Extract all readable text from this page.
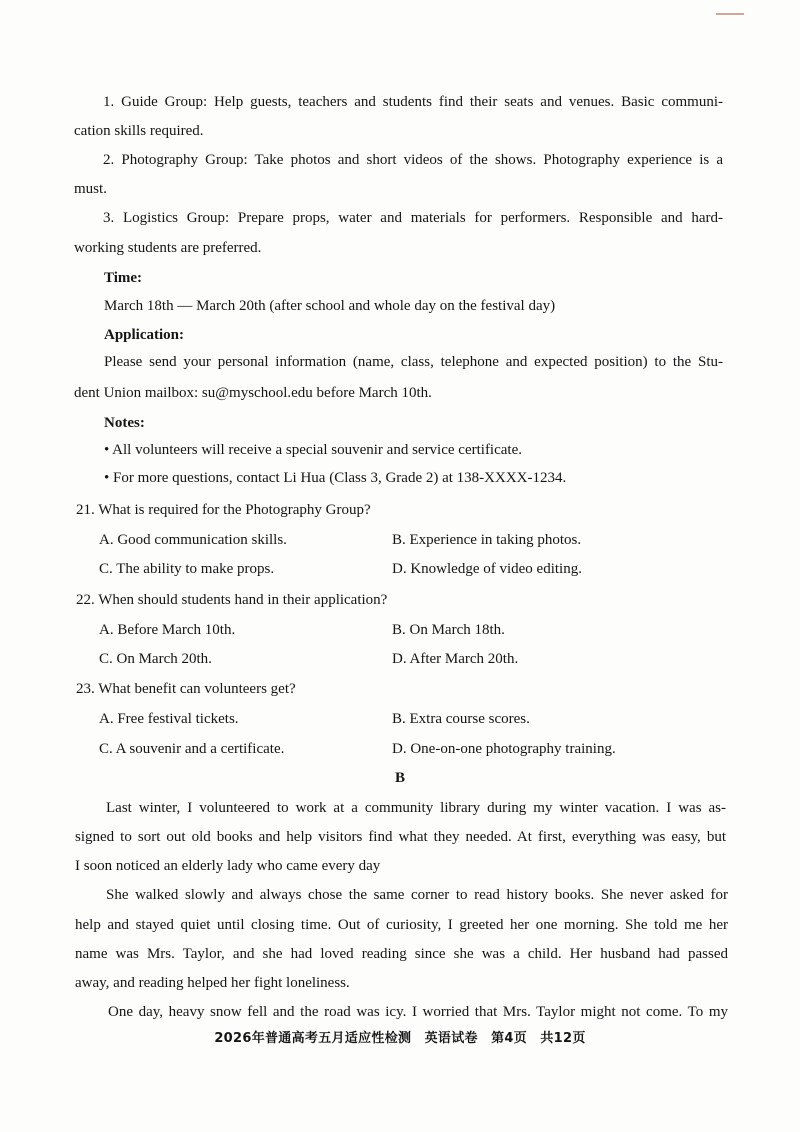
1. Guide Group: Help guests, teachers and students find their seats and venues. Basic communi-
cation skills required.
2. Photography Group: Take photos and short videos of the shows. Photography experience is a
must.
3. Logistics Group: Prepare props, water and materials for performers. Responsible and hard-
working students are preferred.
Time:
March 18th — March 20th (after school and whole day on the festival day)
Application:
Please send your personal information (name, class, telephone and expected position) to the Stu-
dent Union mailbox: su@myschool.edu before March 10th.
Notes:
• All volunteers will receive a special souvenir and service certificate.
• For more questions, contact Li Hua (Class 3, Grade 2) at 138-XXXX-1234.
21. What is required for the Photography Group?
A. Good communication skills.	B. Experience in taking photos.
C. The ability to make props.	D. Knowledge of video editing.
22. When should students hand in their application?
A. Before March 10th.	B. On March 18th.
C. On March 20th.	D. After March 20th.
23. What benefit can volunteers get?
A. Free festival tickets.	B. Extra course scores.
C. A souvenir and a certificate.	D. One-on-one photography training.
B
Last winter, I volunteered to work at a community library during my winter vacation. I was as-
signed to sort out old books and help visitors find what they needed. At first, everything was easy, but
I soon noticed an elderly lady who came every day
She walked slowly and always chose the same corner to read history books. She never asked for
help and stayed quiet until closing time. Out of curiosity, I greeted her one morning. She told me her
name was Mrs. Taylor, and she had loved reading since she was a child. Her husband had passed
away, and reading helped her fight loneliness.
One day, heavy snow fell and the road was icy. I worried that Mrs. Taylor might not come. To my
2026年普通高考五月适应性检测　英语试卷　第4页　共12页
